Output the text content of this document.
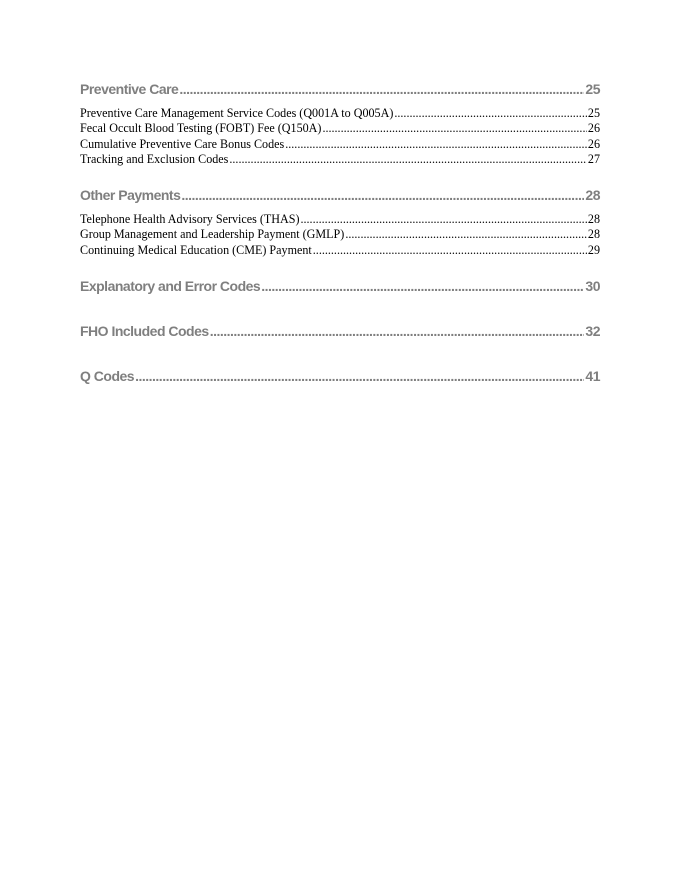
Preventive Care .....	25
Preventive Care Management Service Codes (Q001A to Q005A) .....	25
Fecal Occult Blood Testing (FOBT) Fee (Q150A) .....	26
Cumulative Preventive Care Bonus Codes .....	26
Tracking and Exclusion Codes .....	27
Other Payments .....	28
Telephone Health Advisory Services (THAS) .....	28
Group Management and Leadership Payment (GMLP) .....	28
Continuing Medical Education (CME) Payment .....	29
Explanatory and Error Codes .....	30
FHO Included Codes .....	32
Q Codes .....	41
